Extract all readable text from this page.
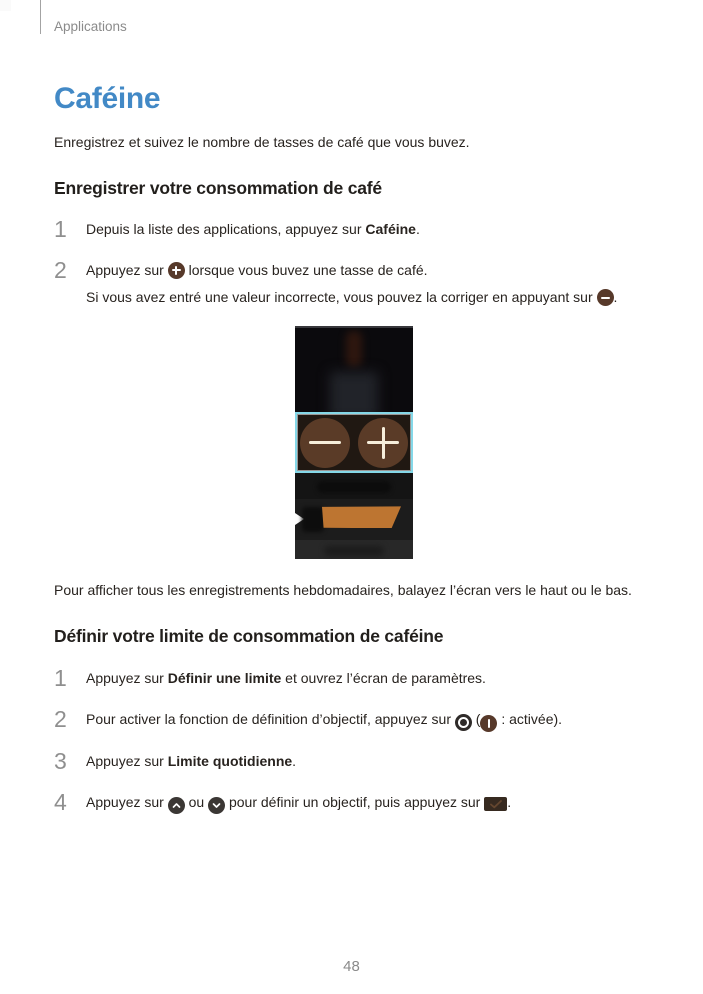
Applications
Caféine

Enregistrez et suivez le nombre de tasses de café que vous buvez.

Enregistrer votre consommation de café
1	Depuis la liste des applications, appuyez sur Caféine.
2	Appuyez sur
lorsque vous buvez une tasse de café.
Si vous avez entré une valeur incorrecte, vous pouvez la corriger en appuyant sur
.

Pour afficher tous les enregistrements hebdomadaires, balayez l’écran vers le haut ou le bas.

Définir votre limite de consommation de caféine
1	Appuyez sur Définir une limite et ouvrez l’écran de paramètres.
2	Pour activer la fonction de définition d’objectif, appuyez sur
(
: activée).
3	Appuyez sur Limite quotidienne.
4	Appuyez sur
ou
pour définir un objectif, puis appuyez sur
.
48
